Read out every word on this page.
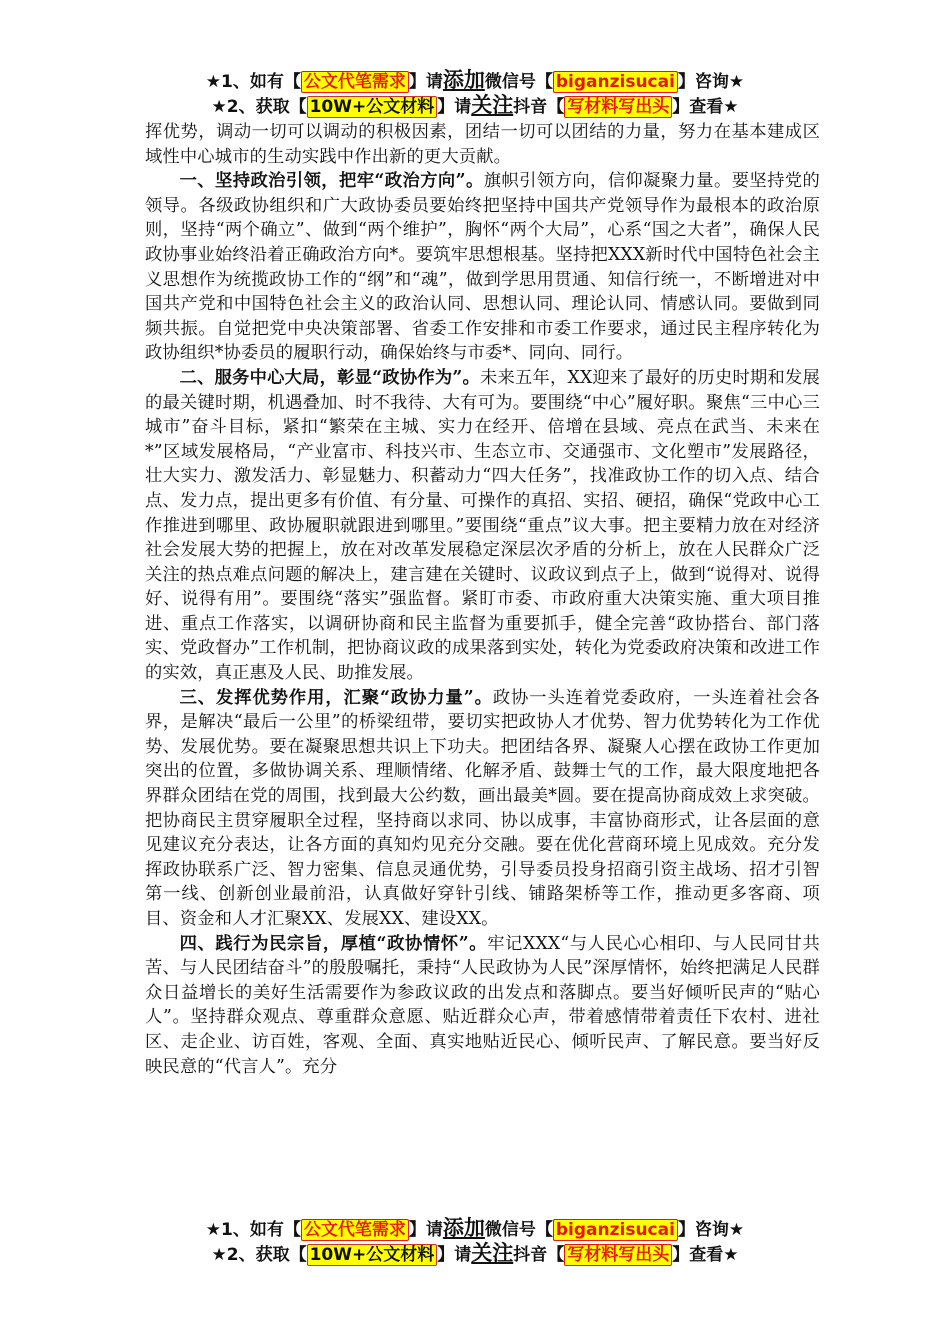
★1、如有【 公文代笔需求 】请添加微信号【 biganzisucai 】咨询★
★2、获取【 10W+公文材料 】请关注抖音【 写材料写出头 】查看★

挥优势，调动一切可以调动的积极因素，团结一切可以团结的力量，努力在基本建成区域性中心城市的生动实践中作出新的更大贡献。

一、坚持政治引领，把牢“政治方向”。旗帜引领方向，信仰凝聚力量。要坚持党的领导。各级政协组织和广大政协委员要始终把坚持中国共产党领导作为最根本的政治原则，坚持“两个确立”、做到“两个维护”，胸怀“两个大局”，心系“国之大者”，确保人民政协事业始终沿着正确政治方向*。要筑牢思想根基。坚持把XXX新时代中国特色社会主义思想作为统揽政协工作的“纲”和“魂”，做到学思用贯通、知信行统一，不断增进对中国共产党和中国特色社会主义的政治认同、思想认同、理论认同、情感认同。要做到同频共振。自觉把党中央决策部署、省委工作安排和市委工作要求，通过民主程序转化为政协组织*协委员的履职行动，确保始终与市委*、同向、同行。

二、服务中心大局，彰显“政协作为”。未来五年，XX迎来了最好的历史时期和发展的最关键时期，机遇叠加、时不我待、大有可为。要围绕“中心”履好职。聚焦“三中心三城市”奋斗目标，紧扣“繁荣在主城、实力在经开、倍增在县域、亮点在武当、未来在*”区域发展格局，“产业富市、科技兴市、生态立市、交通强市、文化塑市”发展路径，壮大实力、激发活力、彰显魅力、积蓄动力“四大任务”，找准政协工作的切入点、结合点、发力点，提出更多有价值、有分量、可操作的真招、实招、硬招，确保“党政中心工作推进到哪里、政协履职就跟进到哪里。”要围绕“重点”议大事。把主要精力放在对经济社会发展大势的把握上，放在对改革发展稳定深层次矛盾的分析上，放在人民群众广泛关注的热点难点问题的解决上，建言建在关键时、议政议到点子上，做到“说得对、说得好、说得有用”。要围绕“落实”强监督。紧盯市委、市政府重大决策实施、重大项目推进、重点工作落实，以调研协商和民主监督为重要抓手，健全完善“政协搭台、部门落实、党政督办”工作机制，把协商议政的成果落到实处，转化为党委政府决策和改进工作的实效，真正惠及人民、助推发展。

三、发挥优势作用，汇聚“政协力量”。政协一头连着党委政府，一头连着社会各界，是解决“最后一公里”的桥梁纽带，要切实把政协人才优势、智力优势转化为工作优势、发展优势。要在凝聚思想共识上下功夫。把团结各界、凝聚人心摆在政协工作更加突出的位置，多做协调关系、理顺情绪、化解矛盾、鼓舞士气的工作，最大限度地把各界群众团结在党的周围，找到最大公约数，画出最美*圆。要在提高协商成效上求突破。把协商民主贯穿履职全过程，坚持商以求同、协以成事，丰富协商形式，让各层面的意见建议充分表达，让各方面的真知灼见充分交融。要在优化营商环境上见成效。充分发挥政协联系广泛、智力密集、信息灵通优势，引导委员投身招商引资主战场、招才引智第一线、创新创业最前沿，认真做好穿针引线、铺路架桥等工作，推动更多客商、项目、资金和人才汇聚XX、发展XX、建设XX。

四、践行为民宗旨，厚植“政协情怀”。牢记XXX“与人民心心相印、与人民同甘共苦、与人民团结奋斗”的殷殷嘱托，秉持“人民政协为人民”深厚情怀，始终把满足人民群众日益增长的美好生活需要作为参政议政的出发点和落脚点。要当好倾听民声的“贴心人”。坚持群众观点、尊重群众意愿、贴近群众心声，带着感情带着责任下农村、进社区、走企业、访百姓，客观、全面、真实地贴近民心、倾听民声、了解民意。要当好反映民意的“代言人”。充分

★1、如有【 公文代笔需求 】请添加微信号【 biganzisucai 】咨询★
★2、获取【 10W+公文材料 】请关注抖音【 写材料写出头 】查看★
